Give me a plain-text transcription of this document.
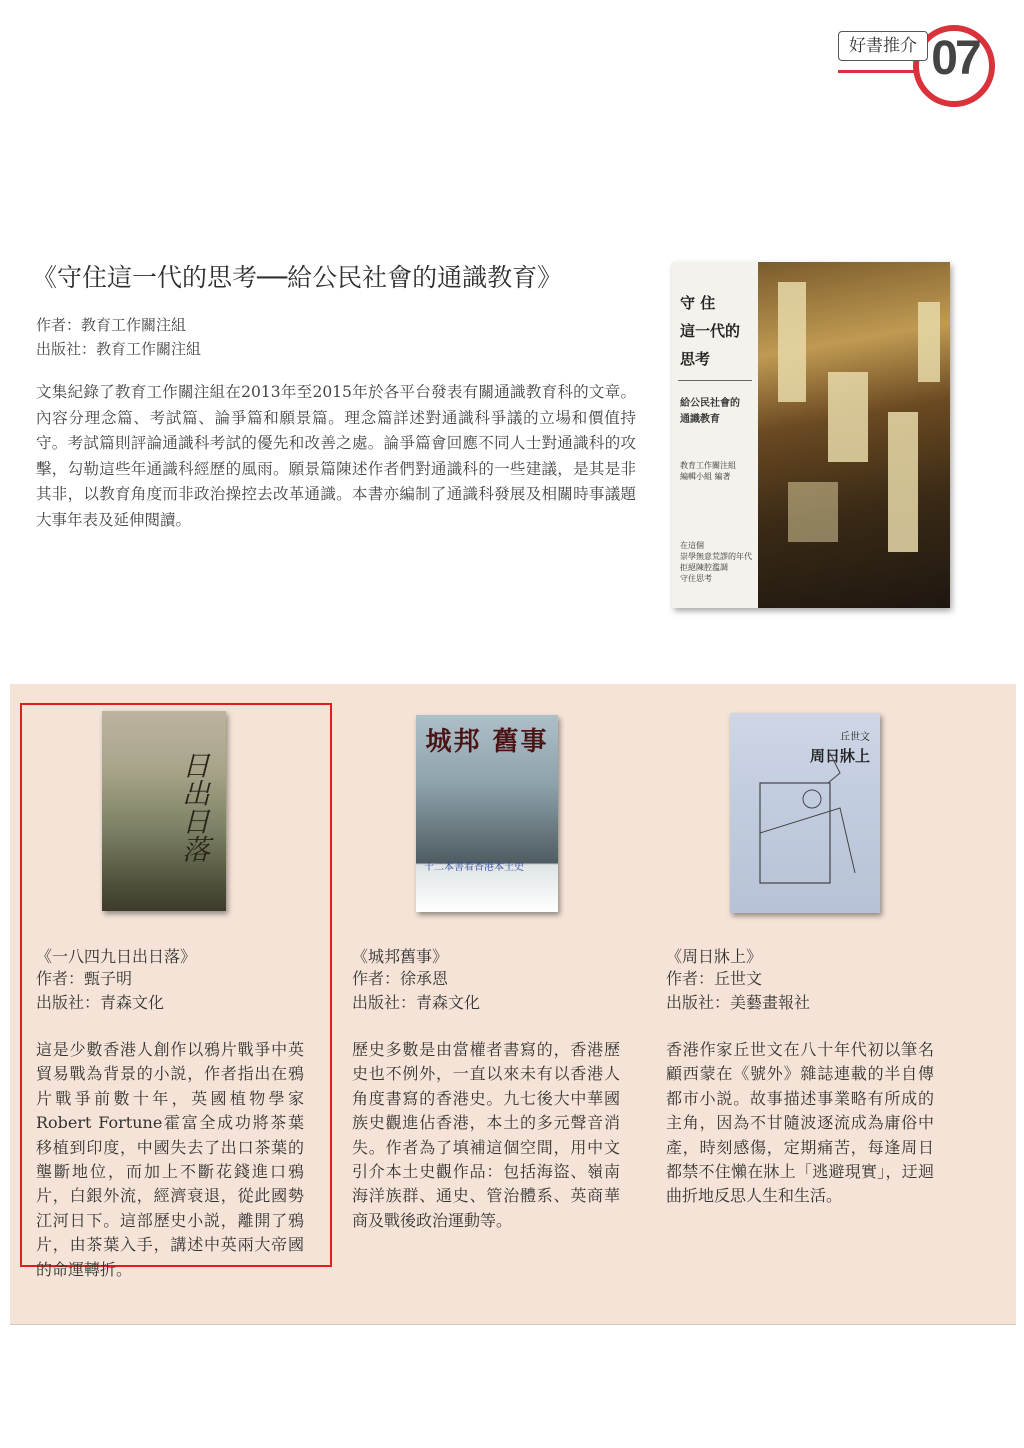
好書推介 07
《守住這一代的思考──給公民社會的通識教育》
作者：教育工作關注組
出版社：教育工作關注組
文集紀錄了教育工作關注組在2013年至2015年於各平台發表有關通識教育科的文章。內容分理念篇、考試篇、論爭篇和願景篇。理念篇詳述對通識科爭議的立場和價值持守。考試篇則評論通識科考試的優先和改善之處。論爭篇會回應不同人士對通識科的攻擊，勾勒這些年通識科經歷的風雨。願景篇陳述作者們對通識科的一些建議，是其是非其非，以教育角度而非政治操控去改革通識。本書亦編制了通識科發展及相關時事議題大事年表及延伸閱讀。
守 住
這一代的
思考
給公民社會的
通識教育
教育工作關注組
編輯小組 編著
在這個
崇學無意荒謬的年代
拒絕陳腔濫調
守住思考
日出日落
城邦 舊事
十二本書看香港本土史
丘世文
周日牀上
《一八四九日出日落》
作者：甄子明
出版社：青森文化
這是少數香港人創作以鴉片戰爭中英貿易戰為背景的小説，作者指出在鴉片戰爭前數十年，英國植物學家Robert Fortune霍富全成功將茶葉移植到印度，中國失去了出口茶葉的壟斷地位，而加上不斷花錢進口鴉片，白銀外流，經濟衰退，從此國勢江河日下。這部歷史小説，離開了鴉片，由茶葉入手，講述中英兩大帝國的命運轉折。
《城邦舊事》
作者：徐承恩
出版社：青森文化
歷史多數是由當權者書寫的，香港歷史也不例外，一直以來未有以香港人角度書寫的香港史。九七後大中華國族史觀進佔香港，本土的多元聲音消失。作者為了填補這個空間，用中文引介本土史觀作品：包括海盜、嶺南海洋族群、通史、管治體系、英商華商及戰後政治運動等。
《周日牀上》
作者：丘世文
出版社：美藝畫報社
香港作家丘世文在八十年代初以筆名顧西蒙在《號外》雜誌連載的半自傳都市小説。故事描述事業略有所成的主角，因為不甘隨波逐流成為庸俗中產，時刻感傷，定期痛苦，每逢周日都禁不住懶在牀上「逃避現實」，迂迴曲折地反思人生和生活。
